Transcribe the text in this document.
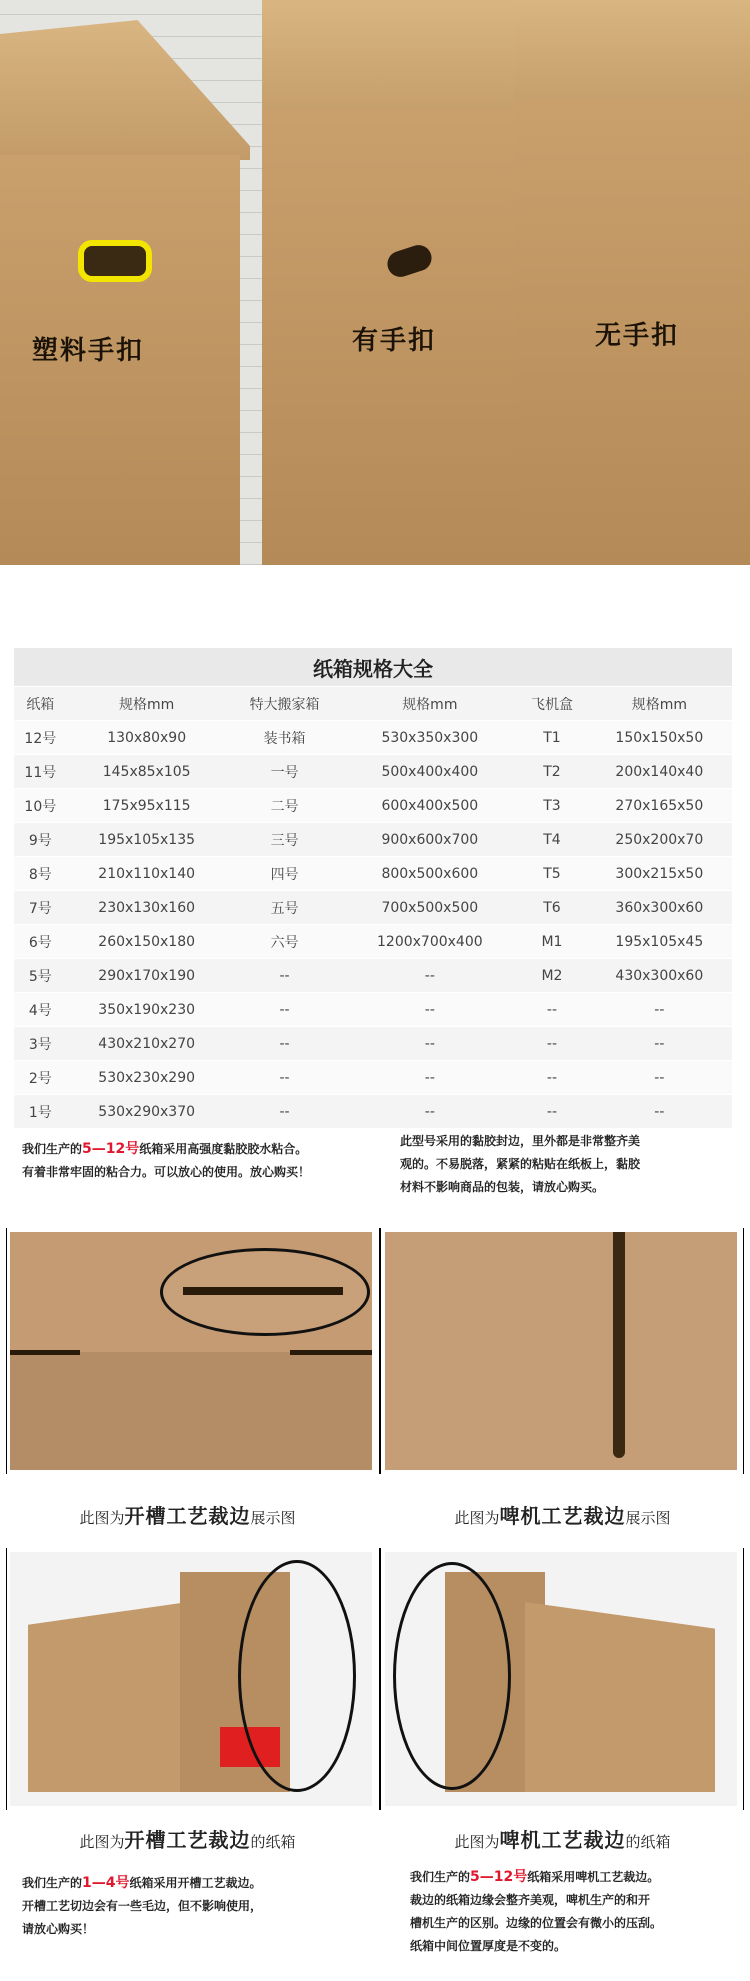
塑料手扣	有手扣	无手扣
纸箱规格大全					
纸箱	规格mm	特大搬家箱	规格mm	飞机盒	规格mm
12号	130x80x90	装书箱	530x350x300	T1	150x150x50
11号	145x85x105	一号	500x400x400	T2	200x140x40
10号	175x95x115	二号	600x400x500	T3	270x165x50
9号	195x105x135	三号	900x600x700	T4	250x200x70
8号	210x110x140	四号	800x500x600	T5	300x215x50
7号	230x130x160	五号	700x500x500	T6	360x300x60
6号	260x150x180	六号	1200x700x400	M1	195x105x45
5号	290x170x190	--	--	M2	430x300x60
4号	350x190x230	--	--	--	--
3号	430x210x270	--	--	--	--
2号	530x230x290	--	--	--	--
1号	530x290x370	--	--	--	--
我们生产的5—12号纸箱采用高强度黏胶胶水粘合。
有着非常牢固的粘合力。可以放心的使用。放心购买！
此型号采用的黏胶封边，里外都是非常整齐美
观的。不易脱落，紧紧的粘贴在纸板上，黏胶
材料不影响商品的包装，请放心购买。
此图为开槽工艺裁边展示图	此图为啤机工艺裁边展示图
此图为开槽工艺裁边的纸箱	此图为啤机工艺裁边的纸箱
我们生产的1—4号纸箱采用开槽工艺裁边。
开槽工艺切边会有一些毛边，但不影响使用，
请放心购买！
我们生产的5—12号纸箱采用啤机工艺裁边。
裁边的纸箱边缘会整齐美观，啤机生产的和开
槽机生产的区别。边缘的位置会有微小的压刮。
纸箱中间位置厚度是不变的。
